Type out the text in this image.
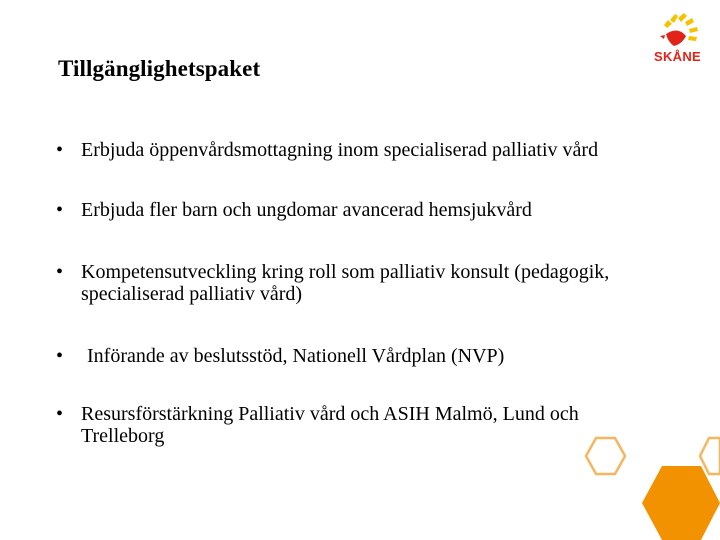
Tillgänglighetspaket	SKÅNE
• Erbjuda öppenvårdsmottagning inom specialiserad palliativ vård
• Erbjuda fler barn och ungdomar avancerad hemsjukvård
• Kompetensutveckling kring roll som palliativ konsult (pedagogik, specialiserad palliativ vård)
• Införande av beslutsstöd, Nationell Vårdplan (NVP)
• Resursförstärkning Palliativ vård och ASIH Malmö, Lund och Trelleborg
